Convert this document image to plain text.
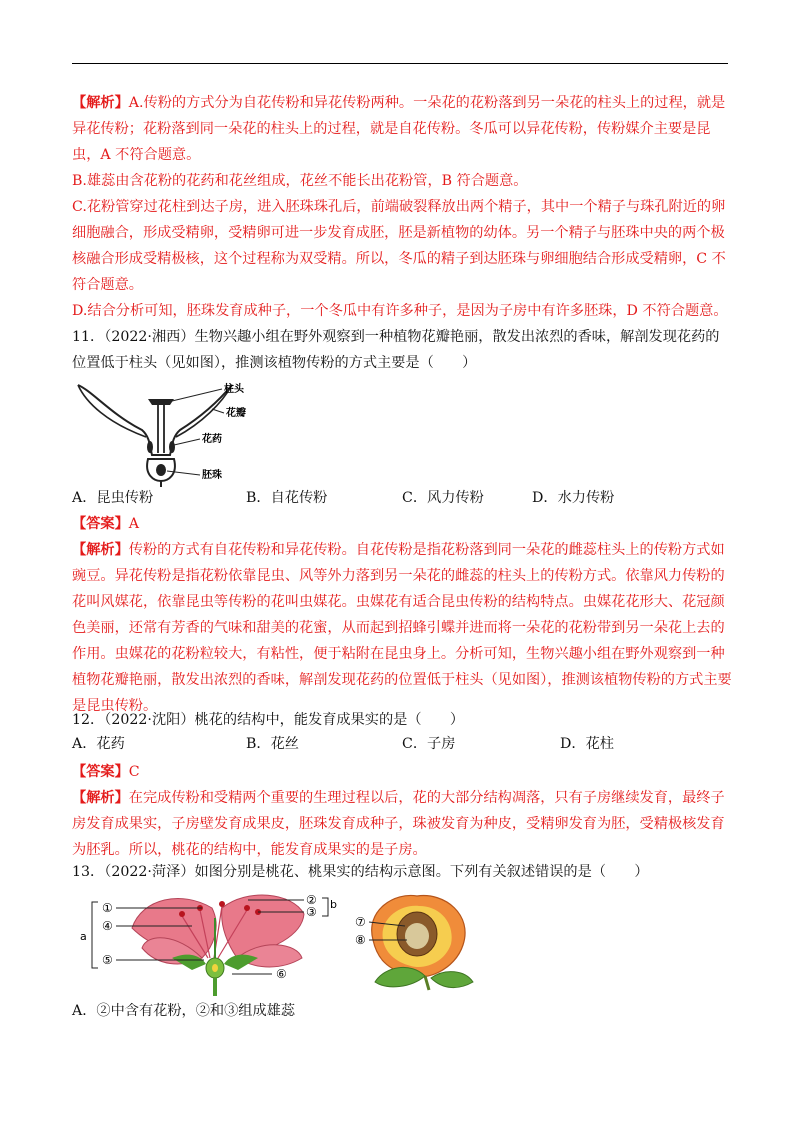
【解析】A.传粉的方式分为自花传粉和异花传粉两种。一朵花的花粉落到另一朵花的柱头上的过程，就是异花传粉；花粉落到同一朵花的柱头上的过程，就是自花传粉。冬瓜可以异花传粉，传粉媒介主要是昆虫，A 不符合题意。

B.雄蕊由含花粉的花药和花丝组成，花丝不能长出花粉管，B 符合题意。

C.花粉管穿过花柱到达子房，进入胚珠珠孔后，前端破裂释放出两个精子，其中一个精子与珠孔附近的卵细胞融合，形成受精卵，受精卵可进一步发育成胚，胚是新植物的幼体。另一个精子与胚珠中央的两个极核融合形成受精极核，这个过程称为双受精。所以，冬瓜的精子到达胚珠与卵细胞结合形成受精卵，C 不符合题意。

D.结合分析可知，胚珠发育成种子，一个冬瓜中有许多种子，是因为子房中有许多胚珠，D 不符合题意。

11．（2022·湘西）生物兴趣小组在野外观察到一种植物花瓣艳丽，散发出浓烈的香味，解剖发现花药的位置低于柱头（见如图），推测该植物传粉的方式主要是（　　）
柱头
花瓣
花药
胚珠
A．昆虫传粉	B．自花传粉	C．风力传粉	D．水力传粉
【答案】A
【解析】传粉的方式有自花传粉和异花传粉。自花传粉是指花粉落到同一朵花的雌蕊柱头上的传粉方式如豌豆。异花传粉是指花粉依靠昆虫、风等外力落到另一朵花的雌蕊的柱头上的传粉方式。依靠风力传粉的花叫风媒花，依靠昆虫等传粉的花叫虫媒花。虫媒花有适合昆虫传粉的结构特点。虫媒花花形大、花冠颜色美丽，还常有芳香的气味和甜美的花蜜，从而起到招蜂引蝶并进而将一朵花的花粉带到另一朵花上去的作用。虫媒花的花粉粒较大，有粘性，便于粘附在昆虫身上。分析可知，生物兴趣小组在野外观察到一种植物花瓣艳丽，散发出浓烈的香味，解剖发现花药的位置低于柱头（见如图），推测该植物传粉的方式主要是昆虫传粉。
12．（2022·沈阳）桃花的结构中，能发育成果实的是（　　）
A．花药	B．花丝	C．子房	D．花柱
【答案】C
【解析】在完成传粉和受精两个重要的生理过程以后，花的大部分结构凋落，只有子房继续发育，最终子房发育成果实，子房壁发育成果皮，胚珠发育成种子，珠被发育为种皮，受精卵发育为胚，受精极核发育为胚乳。所以，桃花的结构中，能发育成果实的是子房。
13．（2022·菏泽）如图分别是桃花、桃果实的结构示意图。下列有关叙述错误的是（　　）
a
b
①
②
③
④
⑤
⑥
⑦
⑧
A．②中含有花粉，②和③组成雄蕊
